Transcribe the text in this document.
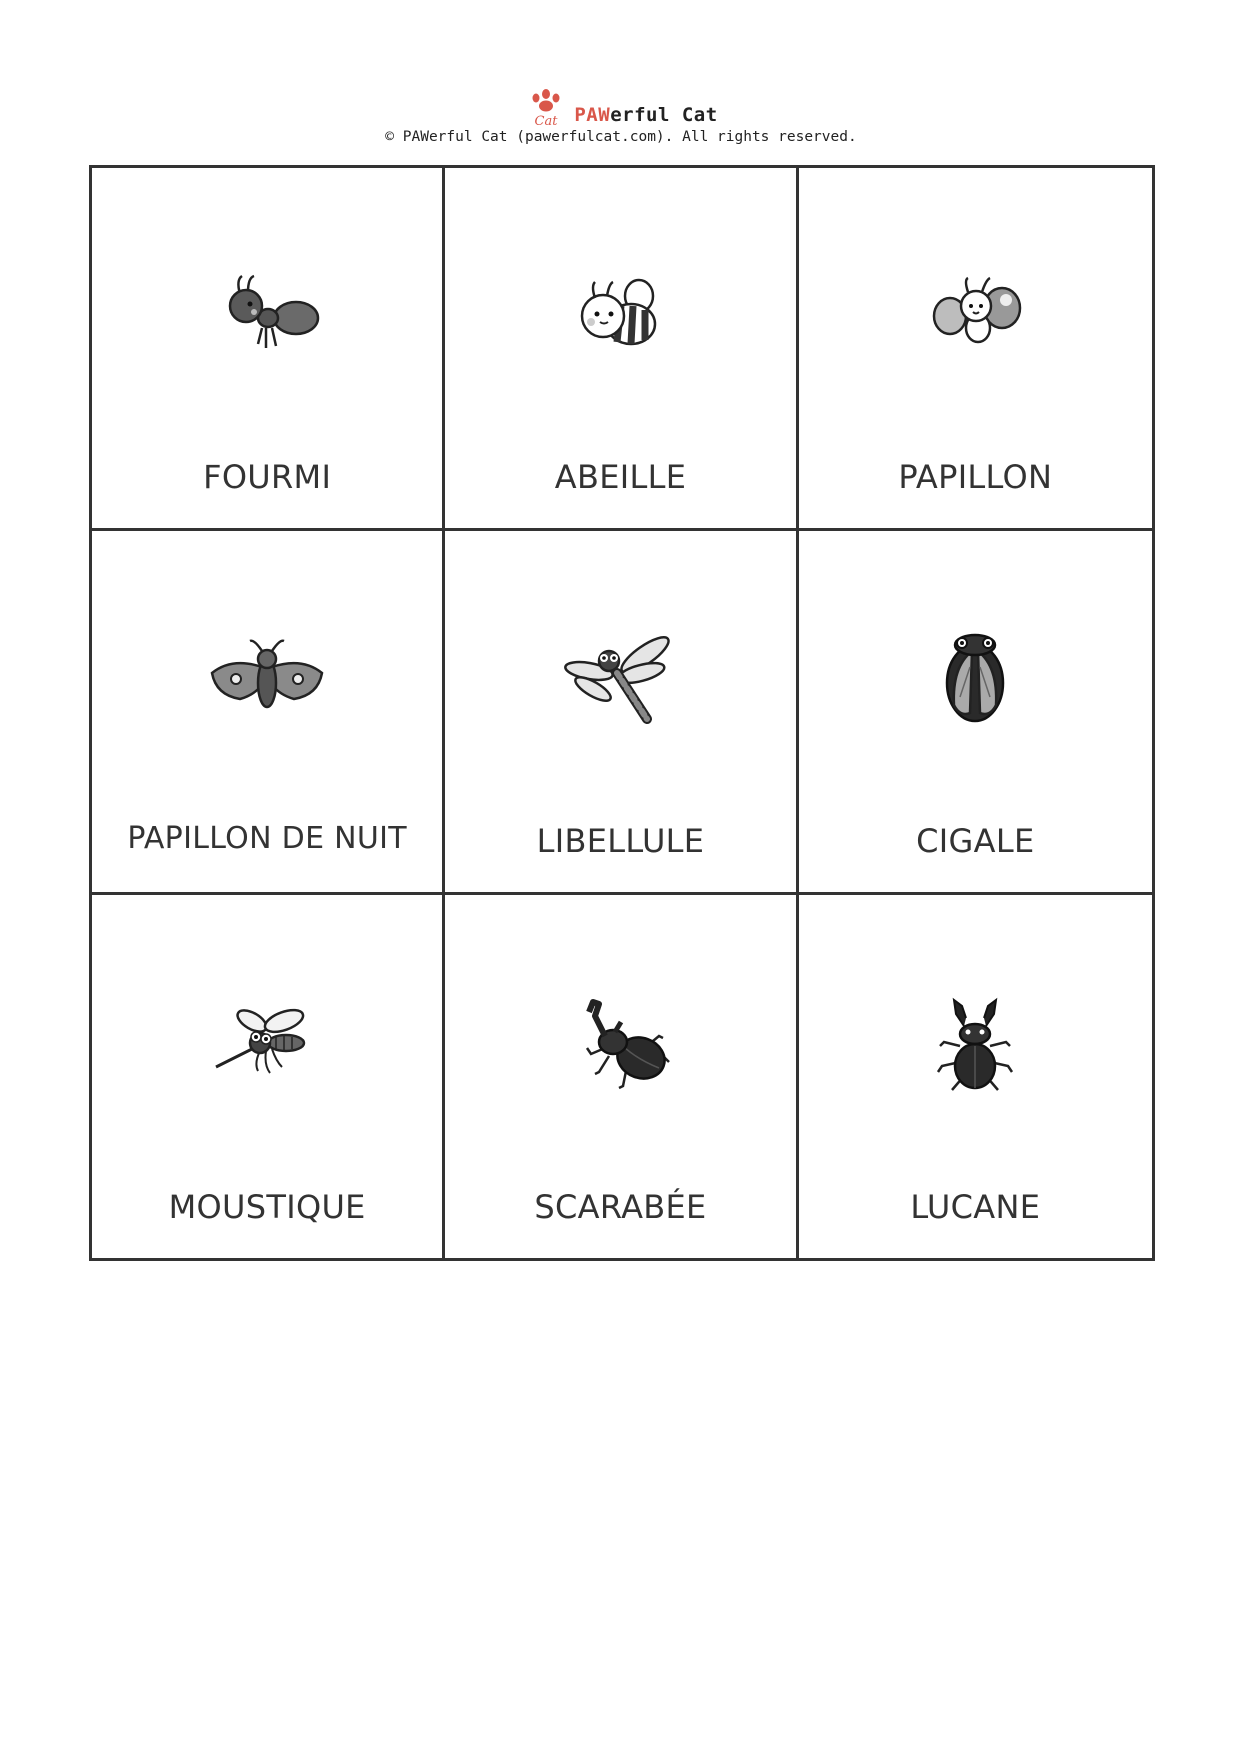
Cat PAWerful Cat
© PAWerful Cat (pawerfulcat.com). All rights reserved.
FOURMI	ABEILLE	PAPILLON
PAPILLON DE NUIT	LIBELLULE	CIGALE
MOUSTIQUE	SCARABÉE	LUCANE
